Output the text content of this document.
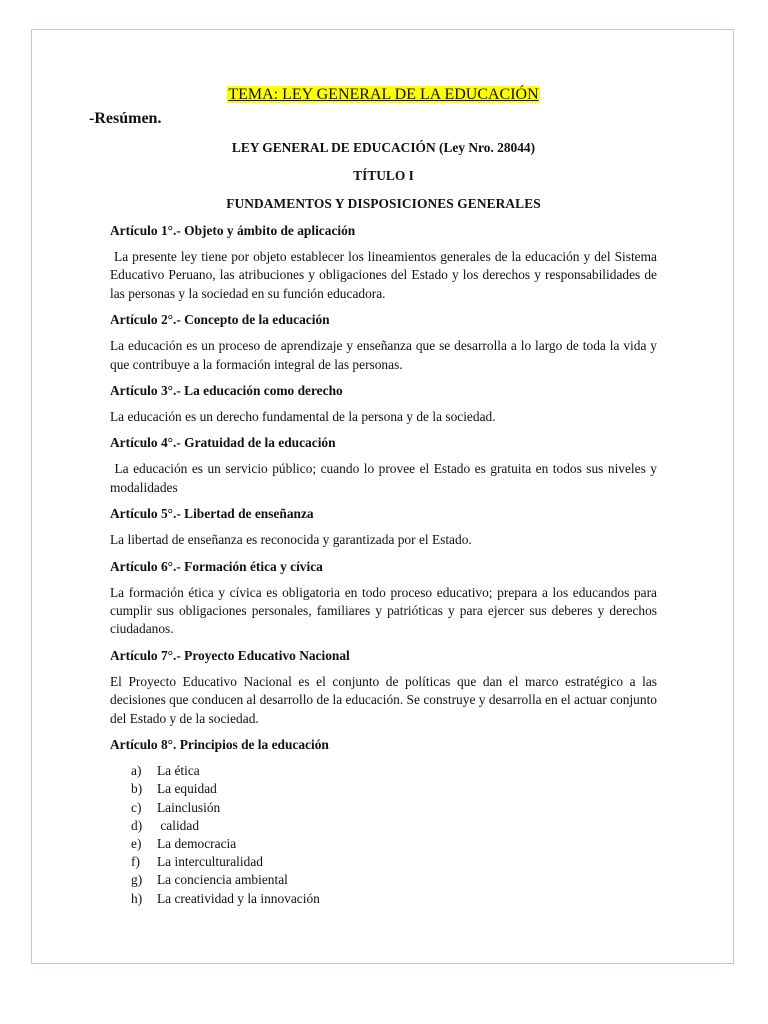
TEMA: LEY GENERAL DE LA EDUCACIÓN

-Resúmen.

LEY GENERAL DE EDUCACIÓN (Ley Nro. 28044)

TÍTULO I

FUNDAMENTOS Y DISPOSICIONES GENERALES

Artículo 1°.- Objeto y ámbito de aplicación

La presente ley tiene por objeto establecer los lineamientos generales de la educación y del Sistema Educativo Peruano, las atribuciones y obligaciones del Estado y los derechos y responsabilidades de las personas y la sociedad en su función educadora.

Artículo 2°.- Concepto de la educación

La educación es un proceso de aprendizaje y enseñanza que se desarrolla a lo largo de toda la vida y que contribuye a la formación integral de las personas.

Artículo 3°.- La educación como derecho

La educación es un derecho fundamental de la persona y de la sociedad.

Artículo 4°.- Gratuidad de la educación

La educación es un servicio público; cuando lo provee el Estado es gratuita en todos sus niveles y modalidades

Artículo 5°.- Libertad de enseñanza

La libertad de enseñanza es reconocida y garantizada por el Estado.

Artículo 6°.- Formación ética y cívica

La formación ética y cívica es obligatoria en todo proceso educativo; prepara a los educandos para cumplir sus obligaciones personales, familiares y patrióticas y para ejercer sus deberes y derechos ciudadanos.

Artículo 7°.- Proyecto Educativo Nacional

El Proyecto Educativo Nacional es el conjunto de políticas que dan el marco estratégico a las decisiones que conducen al desarrollo de la educación. Se construye y desarrolla en el actuar conjunto del Estado y de la sociedad.

Artículo 8°. Principios de la educación

a)	La ética
b)	La equidad
c)	Lainclusión
d)	calidad
e)	La democracia
f)	La interculturalidad
g)	La conciencia ambiental
h)	La creatividad y la innovación
